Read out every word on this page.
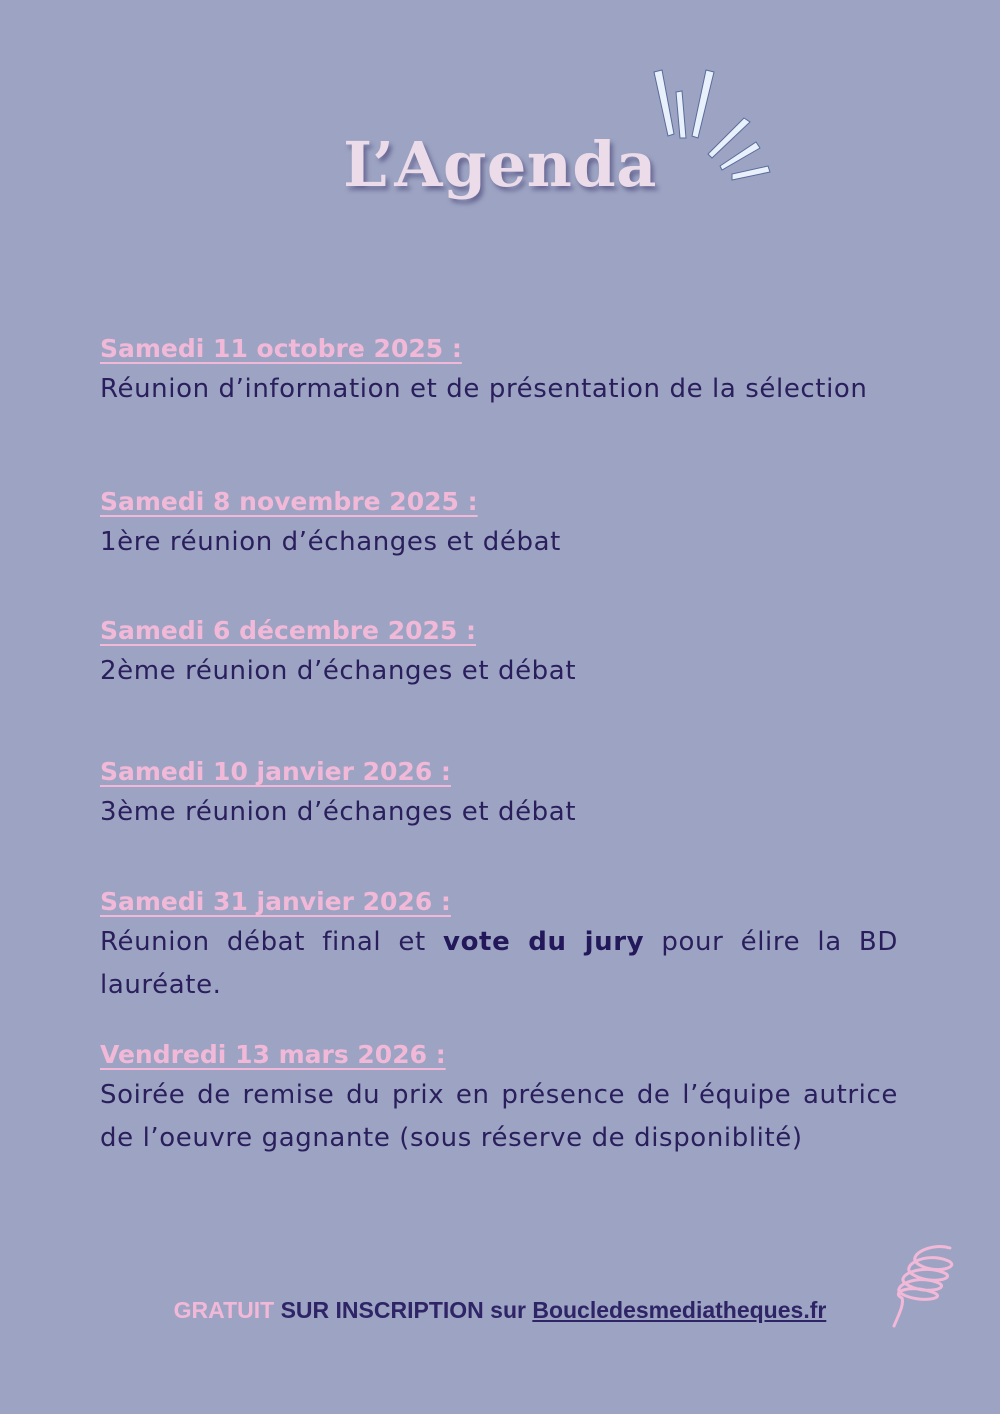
L’Agenda
Samedi 11 octobre 2025 :
Réunion d’information et de présentation de la sélection
Samedi 8 novembre 2025 :
1ère réunion d’échanges et débat
Samedi 6 décembre 2025 :
2ème réunion d’échanges et débat
Samedi 10 janvier 2026 :
3ème réunion d’échanges et débat
Samedi 31 janvier 2026 :
Réunion débat final et vote du jury pour élire la BD lauréate.
Vendredi 13 mars 2026 :
Soirée de remise du prix en présence de l’équipe autrice de l’oeuvre gagnante (sous réserve de disponiblité)
GRATUIT SUR INSCRIPTION sur Boucledesmediatheques.fr
